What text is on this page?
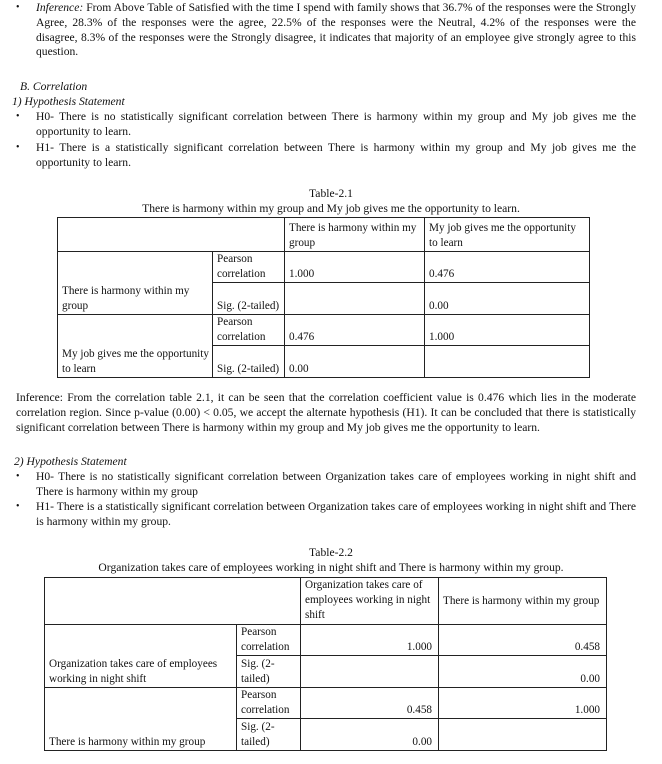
• Inference: From Above Table of Satisfied with the time I spend with family shows that 36.7% of the responses were the Strongly Agree, 28.3% of the responses were the agree, 22.5% of the responses were the Neutral, 4.2% of the responses were the disagree, 8.3% of the responses were the Strongly disagree, it indicates that majority of an employee give strongly agree to this question.
B. Correlation
1) Hypothesis Statement
• H0- There is no statistically significant correlation between There is harmony within my group and My job gives me the opportunity to learn.
• H1- There is a statistically significant correlation between There is harmony within my group and My job gives me the opportunity to learn.
Table-2.1
There is harmony within my group and My job gives me the opportunity to learn.
		There is harmony within my group	My job gives me the opportunity to learn
There is harmony within my group	Pearson correlation	1.000	0.476
	Sig. (2-tailed)		0.00
My job gives me the opportunity to learn	Pearson correlation	0.476	1.000
	Sig. (2-tailed)	0.00	
Inference: From the correlation table 2.1, it can be seen that the correlation coefficient value is 0.476 which lies in the moderate correlation region. Since p-value (0.00) < 0.05, we accept the alternate hypothesis (H1). It can be concluded that there is statistically significant correlation between There is harmony within my group and My job gives me the opportunity to learn.
2) Hypothesis Statement
• H0- There is no statistically significant correlation between Organization takes care of employees working in night shift and There is harmony within my group
• H1- There is a statistically significant correlation between Organization takes care of employees working in night shift and There is harmony within my group.
Table-2.2
Organization takes care of employees working in night shift and There is harmony within my group.
		Organization takes care of employees working in night shift	There is harmony within my group
Organization takes care of employees working in night shift	Pearson correlation	1.000	0.458
	Sig. (2-tailed)		0.00
There is harmony within my group	Pearson correlation	0.458	1.000
	Sig. (2-tailed)	0.00	
